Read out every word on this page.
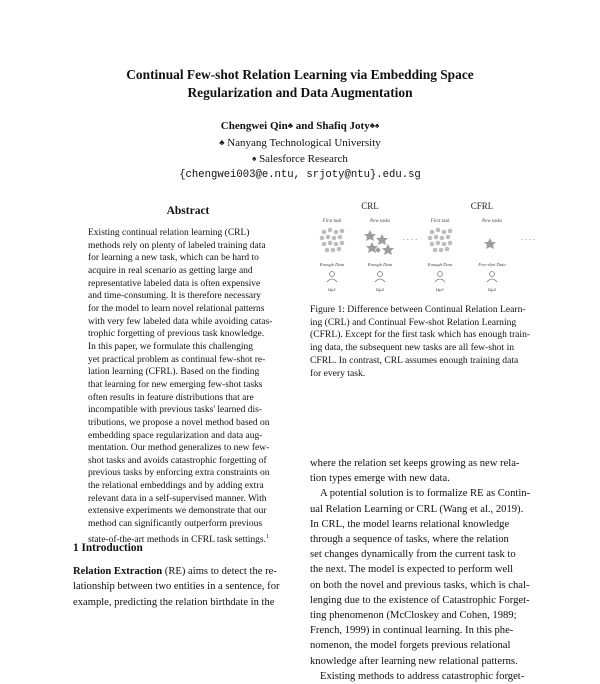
Continual Few-shot Relation Learning via Embedding Space
Regularization and Data Augmentation
Chengwei Qin♣ and Shafiq Joty♣♠
♣ Nanyang Technological University
♠ Salesforce Research
{chengwei003@e.ntu, srjoty@ntu}.edu.sg
Abstract
Existing continual relation learning (CRL)
methods rely on plenty of labeled training data
for learning a new task, which can be hard to
acquire in real scenario as getting large and
representative labeled data is often expensive
and time-consuming. It is therefore necessary
for the model to learn novel relational patterns
with very few labeled data while avoiding catas-
trophic forgetting of previous task knowledge.
In this paper, we formulate this challenging
yet practical problem as continual few-shot re-
lation learning (CFRL). Based on the finding
that learning for new emerging few-shot tasks
often results in feature distributions that are
incompatible with previous tasks' learned dis-
tributions, we propose a novel method based on
embedding space regularization and data aug-
mentation. Our method generalizes to new few-
shot tasks and avoids catastrophic forgetting of
previous tasks by enforcing extra constraints on
the relational embeddings and by adding extra
relevant data in a self-supervised manner. With
extensive experiments we demonstrate that our
method can significantly outperform previous
state-of-the-art methods in CFRL task settings.$^1$
1 Introduction
Relation Extraction (RE) aims to detect the re-
lationship between two entities in a sentence, for
example, predicting the relation birthdate in the
CRL	CFRL
First task	New tasks	First task	New tasks
· · · ·	· · · ·
Enough Data	Enough Data	Enough Data	Few-shot Data
Ωp1	Ωp2	Ωp1	Ωp2
Figure 1: Difference between Continual Relation Learn-
ing (CRL) and Continual Few-shot Relation Learning
(CFRL). Except for the first task which has enough train-
ing data, the subsequent new tasks are all few-shot in
CFRL. In contrast, CRL assumes enough training data
for every task.

where the relation set keeps growing as new rela-

tion types emerge with new data.

A potential solution is to formalize RE as Contin-

ual Relation Learning or CRL (Wang et al., 2019).

In CRL, the model learns relational knowledge

through a sequence of tasks, where the relation

set changes dynamically from the current task to

the next. The model is expected to perform well

on both the novel and previous tasks, which is chal-

lenging due to the existence of Catastrophic Forget-

ting phenomenon (McCloskey and Cohen, 1989;

French, 1999) in continual learning. In this phe-

nomenon, the model forgets previous relational

knowledge after learning new relational patterns.

Existing methods to address catastrophic forget-
